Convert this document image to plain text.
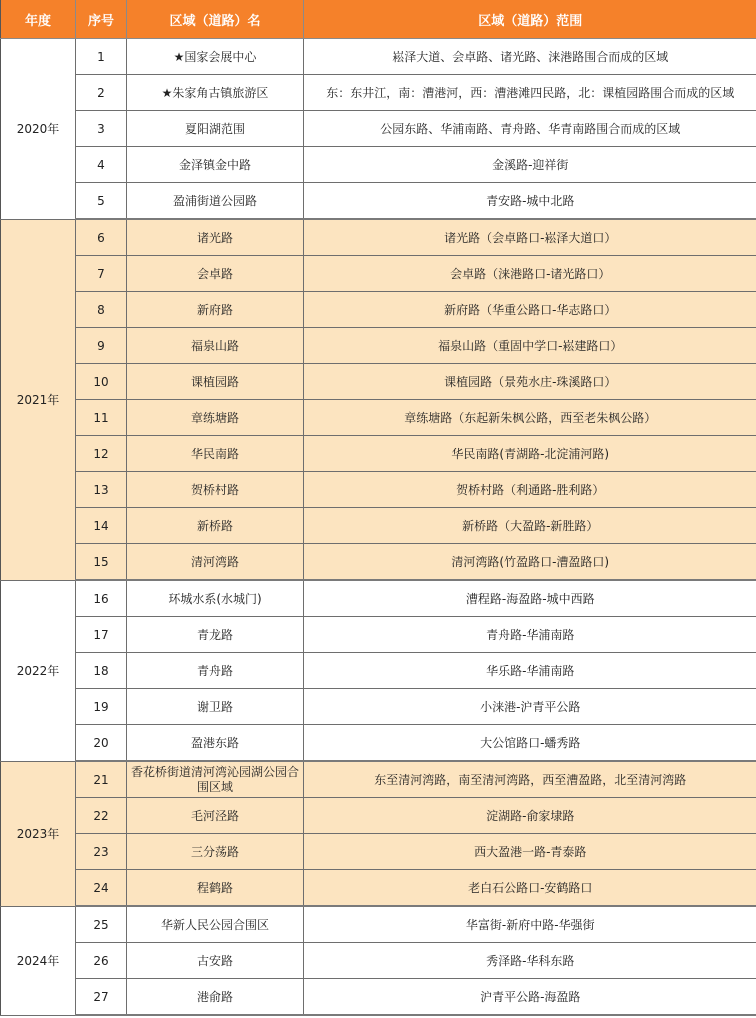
年度	序号	区域（道路）名	区域（道路）范围
2020年	1	★国家会展中心	崧泽大道、会卓路、诸光路、涞港路围合而成的区域
	2	★朱家角古镇旅游区	东：东井江，南：漕港河，西：漕港滩四民路，北：课植园路围合而成的区域
	3	夏阳湖范围	公园东路、华浦南路、青舟路、华青南路围合而成的区域
	4	金泽镇金中路	金溪路-迎祥街
	5	盈浦街道公园路	青安路-城中北路
2021年	6	诸光路	诸光路（会卓路口-崧泽大道口）
	7	会卓路	会卓路（涞港路口-诸光路口）
	8	新府路	新府路（华重公路口-华志路口）
	9	福泉山路	福泉山路（重固中学口-崧建路口）
	10	课植园路	课植园路（景苑水庄-珠溪路口）
	11	章练塘路	章练塘路（东起新朱枫公路，西至老朱枫公路）
	12	华民南路	华民南路(青湖路-北淀浦河路)
	13	贺桥村路	贺桥村路（利通路-胜利路）
	14	新桥路	新桥路（大盈路-新胜路）
	15	清河湾路	清河湾路(竹盈路口-漕盈路口)
2022年	16	环城水系(水城门)	漕程路-海盈路-城中西路
	17	青龙路	青舟路-华浦南路
	18	青舟路	华乐路-华浦南路
	19	谢卫路	小涞港-沪青平公路
	20	盈港东路	大公馆路口-蟠秀路
2023年	21	香花桥街道清河湾沁园湖公园合围区域	东至清河湾路，南至清河湾路，西至漕盈路，北至清河湾路
	22	毛河泾路	淀湖路-俞家埭路
	23	三分荡路	西大盈港一路-青泰路
	24	程鹤路	老白石公路口-安鹤路口
2024年	25	华新人民公园合围区	华富街-新府中路-华强街
	26	古安路	秀泽路-华科东路
	27	港俞路	沪青平公路-海盈路
